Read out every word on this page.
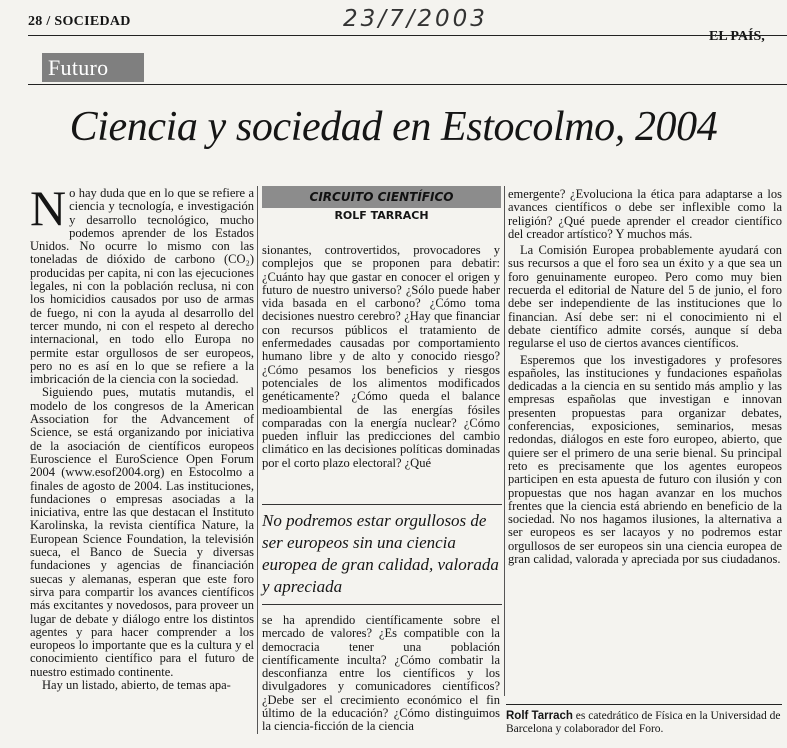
28 / SOCIEDAD	23/7/2003
EL PAÍS,
Futuro
Ciencia y sociedad en Estocolmo, 2004
N o hay duda que en lo que se refiere a ciencia y tecnología, e investigación y desarrollo tecnológico, mucho podemos aprender de los Estados Unidos. No ocurre lo mismo con las toneladas de dióxido de carbono (CO₂) producidas per capita, ni con las ejecuciones legales, ni con la población reclusa, ni con los homicidios causados por uso de armas de fuego, ni con la ayuda al desarrollo del tercer mundo, ni con el respeto al derecho internacional, en todo ello Europa no permite estar orgullosos de ser europeos, pero no es así en lo que se refiere a la imbricación de la ciencia con la sociedad.

Siguiendo pues, mutatis mutandis, el modelo de los congresos de la American Association for the Advancement of Science, se está organizando por iniciativa de la asociación de científicos europeos Euroscience el EuroScience Open Forum 2004 (www.esof2004.org) en Estocolmo a finales de agosto de 2004. Las instituciones, fundaciones o empresas asociadas a la iniciativa, entre las que destacan el Instituto Karolinska, la revista científica Nature, la European Science Foundation, la televisión sueca, el Banco de Suecia y diversas fundaciones y agencias de financiación suecas y alemanas, esperan que este foro sirva para compartir los avances científicos más excitantes y novedosos, para proveer un lugar de debate y diálogo entre los distintos agentes y para hacer comprender a los europeos lo importante que es la cultura y el conocimiento científico para el futuro de nuestro estimado continente.

Hay un listado, abierto, de temas apa-

CIRCUITO CIENTÍFICO
ROLF TARRACH

sionantes, controvertidos, provocadores y complejos que se proponen para debatir: ¿Cuánto hay que gastar en conocer el origen y futuro de nuestro universo? ¿Sólo puede haber vida basada en el carbono? ¿Cómo toma decisiones nuestro cerebro? ¿Hay que financiar con recursos públicos el tratamiento de enfermedades causadas por comportamiento humano libre y de alto y conocido riesgo? ¿Cómo pesamos los beneficios y riesgos potenciales de los alimentos modificados genéticamente? ¿Cómo queda el balance medioambiental de las energías fósiles comparadas con la energía nuclear? ¿Cómo pueden influir las predicciones del cambio climático en las decisiones políticas dominadas por el corto plazo electoral? ¿Qué

No podremos estar orgullosos de ser europeos sin una ciencia europea de gran calidad, valorada y apreciada

se ha aprendido científicamente sobre el mercado de valores? ¿Es compatible con la democracia tener una población científicamente inculta? ¿Cómo combatir la desconfianza entre los científicos y los divulgadores y comunicadores científicos? ¿Debe ser el crecimiento económico el fin último de la educación? ¿Cómo distinguimos la ciencia-ficción de la ciencia

emergente? ¿Evoluciona la ética para adaptarse a los avances científicos o debe ser inflexible como la religión? ¿Qué puede aprender el creador científico del creador artístico? Y muchos más.

La Comisión Europea probablemente ayudará con sus recursos a que el foro sea un éxito y a que sea un foro genuinamente europeo. Pero como muy bien recuerda el editorial de Nature del 5 de junio, el foro debe ser independiente de las instituciones que lo financian. Así debe ser: ni el conocimiento ni el debate científico admite corsés, aunque sí deba regularse el uso de ciertos avances científicos.

Esperemos que los investigadores y profesores españoles, las instituciones y fundaciones españolas dedicadas a la ciencia en su sentido más amplio y las empresas españolas que investigan e innovan presenten propuestas para organizar debates, conferencias, exposiciones, seminarios, mesas redondas, diálogos en este foro europeo, abierto, que quiere ser el primero de una serie bienal. Su principal reto es precisamente que los agentes europeos participen en esta apuesta de futuro con ilusión y con propuestas que nos hagan avanzar en los muchos frentes que la ciencia está abriendo en beneficio de la sociedad. No nos hagamos ilusiones, la alternativa a ser europeos es ser lacayos y no podremos estar orgullosos de ser europeos sin una ciencia europea de gran calidad, valorada y apreciada por sus ciudadanos.

Rolf Tarrach es catedrático de Física en la Universidad de Barcelona y colaborador del Foro.
